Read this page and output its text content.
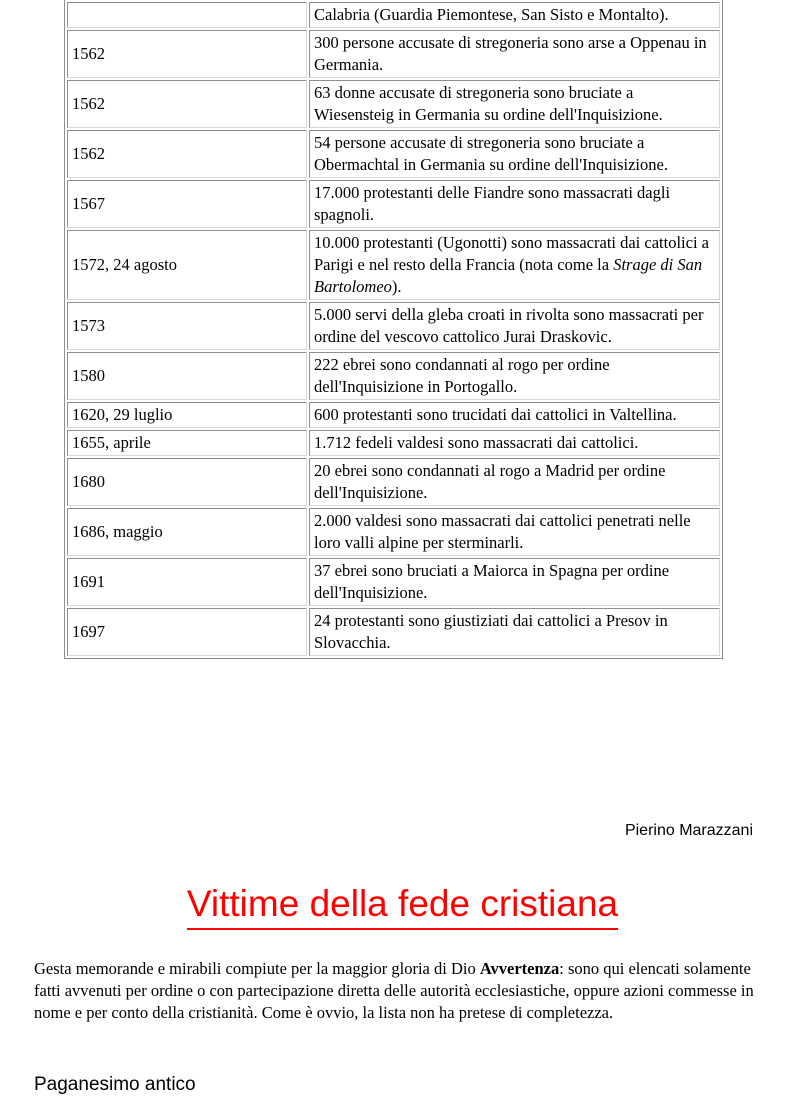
	Calabria (Guardia Piemontese, San Sisto e Montalto).
1562	300 persone accusate di stregoneria sono arse a Oppenau in Germania.
1562	63 donne accusate di stregoneria sono bruciate a Wiesensteig in Germania su ordine dell'Inquisizione.
1562	54 persone accusate di stregoneria sono bruciate a Obermachtal in Germania su ordine dell'Inquisizione.
1567	17.000 protestanti delle Fiandre sono massacrati dagli spagnoli.
1572, 24 agosto	10.000 protestanti (Ugonotti) sono massacrati dai cattolici a Parigi e nel resto della Francia (nota come la Strage di San Bartolomeo).
1573	5.000 servi della gleba croati in rivolta sono massacrati per ordine del vescovo cattolico Jurai Draskovic.
1580	222 ebrei sono condannati al rogo per ordine dell'Inquisizione in Portogallo.
1620, 29 luglio	600 protestanti sono trucidati dai cattolici in Valtellina.
1655, aprile	1.712 fedeli valdesi sono massacrati dai cattolici.
1680	20 ebrei sono condannati al rogo a Madrid per ordine dell'Inquisizione.
1686, maggio	2.000 valdesi sono massacrati dai cattolici penetrati nelle loro valli alpine per sterminarli.
1691	37 ebrei sono bruciati a Maiorca in Spagna per ordine dell'Inquisizione.
1697	24 protestanti sono giustiziati dai cattolici a Presov in Slovacchia.
Pierino Marazzani
Vittime della fede cristiana

Gesta memorande e mirabili compiute per la maggior gloria di Dio Avvertenza: sono qui elencati solamente fatti avvenuti per ordine o con partecipazione diretta delle autorità ecclesiastiche, oppure azioni commesse in nome e per conto della cristianità. Come è ovvio, la lista non ha pretese di completezza.

Paganesimo antico
